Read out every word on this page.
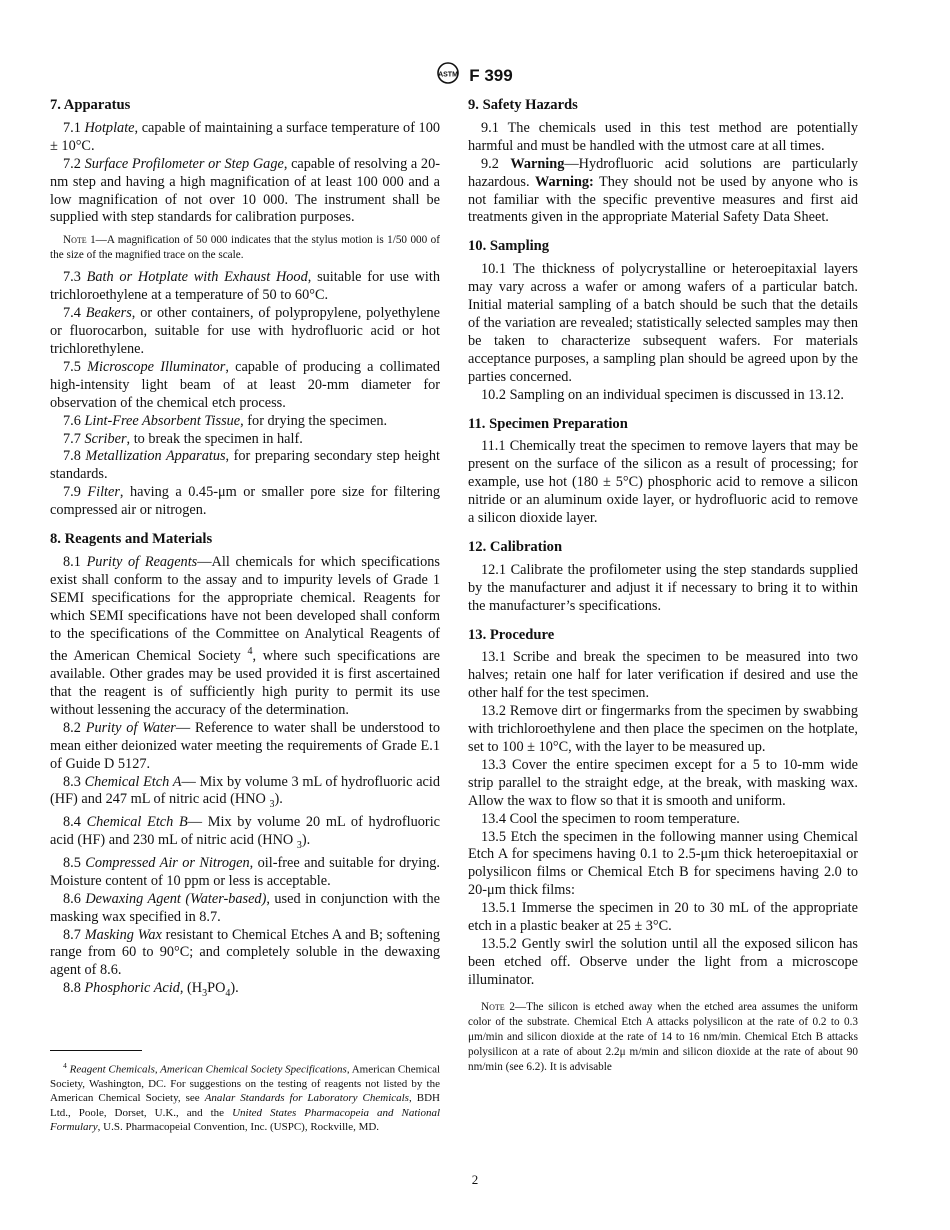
ASTM F 399
7. Apparatus

7.1 Hotplate, capable of maintaining a surface temperature of 100 ± 10°C.

7.2 Surface Profilometer or Step Gage, capable of resolving a 20-nm step and having a high magnification of at least 100 000 and a low magnification of not over 10 000. The instrument shall be supplied with step standards for calibration purposes.

Note 1—A magnification of 50 000 indicates that the stylus motion is 1/50 000 of the size of the magnified trace on the scale.

7.3 Bath or Hotplate with Exhaust Hood, suitable for use with trichloroethylene at a temperature of 50 to 60°C.

7.4 Beakers, or other containers, of polypropylene, polyethylene or fluorocarbon, suitable for use with hydrofluoric acid or hot trichlorethylene.

7.5 Microscope Illuminator, capable of producing a collimated high-intensity light beam of at least 20-mm diameter for observation of the chemical etch process.

7.6 Lint-Free Absorbent Tissue, for drying the specimen.

7.7 Scriber, to break the specimen in half.

7.8 Metallization Apparatus, for preparing secondary step height standards.

7.9 Filter, having a 0.45-μm or smaller pore size for filtering compressed air or nitrogen.

8. Reagents and Materials

8.1 Purity of Reagents—All chemicals for which specifications exist shall conform to the assay and to impurity levels of Grade 1 SEMI specifications for the appropriate chemical. Reagents for which SEMI specifications have not been developed shall conform to the specifications of the Committee on Analytical Reagents of the American Chemical Society $^4$, where such specifications are available. Other grades may be used provided it is first ascertained that the reagent is of sufficiently high purity to permit its use without lessening the accuracy of the determination.

8.2 Purity of Water— Reference to water shall be understood to mean either deionized water meeting the requirements of Grade E.1 of Guide D 5127.

8.3 Chemical Etch A— Mix by volume 3 mL of hydrofluoric acid (HF) and 247 mL of nitric acid (HNO $_3$).

8.4 Chemical Etch B— Mix by volume 20 mL of hydrofluoric acid (HF) and 230 mL of nitric acid (HNO $_3$).

8.5 Compressed Air or Nitrogen, oil-free and suitable for drying. Moisture content of 10 ppm or less is acceptable.

8.6 Dewaxing Agent (Water-based), used in conjunction with the masking wax specified in 8.7.

8.7 Masking Wax resistant to Chemical Etches A and B; softening range from 60 to 90°C; and completely soluble in the dewaxing agent of 8.6.

8.8 Phosphoric Acid, $(H_3PO_4)$.

$^4$ Reagent Chemicals, American Chemical Society Specifications, American Chemical Society, Washington, DC. For suggestions on the testing of reagents not listed by the American Chemical Society, see Analar Standards for Laboratory Chemicals, BDH Ltd., Poole, Dorset, U.K., and the United States Pharmacopeia and National Formulary, U.S. Pharmacopeial Convention, Inc. (USPC), Rockville, MD.

9. Safety Hazards

9.1 The chemicals used in this test method are potentially harmful and must be handled with the utmost care at all times.

9.2 Warning—Hydrofluoric acid solutions are particularly hazardous. Warning: They should not be used by anyone who is not familiar with the specific preventive measures and first aid treatments given in the appropriate Material Safety Data Sheet.

10. Sampling

10.1 The thickness of polycrystalline or heteroepitaxial layers may vary across a wafer or among wafers of a particular batch. Initial material sampling of a batch should be such that the details of the variation are revealed; statistically selected samples may then be taken to characterize subsequent wafers. For materials acceptance purposes, a sampling plan should be agreed upon by the parties concerned.

10.2 Sampling on an individual specimen is discussed in 13.12.

11. Specimen Preparation

11.1 Chemically treat the specimen to remove layers that may be present on the surface of the silicon as a result of processing; for example, use hot (180 ± 5°C) phosphoric acid to remove a silicon nitride or an aluminum oxide layer, or hydrofluoric acid to remove a silicon dioxide layer.

12. Calibration

12.1 Calibrate the profilometer using the step standards supplied by the manufacturer and adjust it if necessary to bring it to within the manufacturer’s specifications.

13. Procedure

13.1 Scribe and break the specimen to be measured into two halves; retain one half for later verification if desired and use the other half for the test specimen.

13.2 Remove dirt or fingermarks from the specimen by swabbing with trichloroethylene and then place the specimen on the hotplate, set to 100 ± 10°C, with the layer to be measured up.

13.3 Cover the entire specimen except for a 5 to 10-mm wide strip parallel to the straight edge, at the break, with masking wax. Allow the wax to flow so that it is smooth and uniform.

13.4 Cool the specimen to room temperature.

13.5 Etch the specimen in the following manner using Chemical Etch A for specimens having 0.1 to 2.5-μm thick heteroepitaxial or polysilicon films or Chemical Etch B for specimens having 2.0 to 20-μm thick films:

13.5.1 Immerse the specimen in 20 to 30 mL of the appropriate etch in a plastic beaker at 25 ± 3°C.

13.5.2 Gently swirl the solution until all the exposed silicon has been etched off. Observe under the light from a microscope illuminator.

Note 2—The silicon is etched away when the etched area assumes the uniform color of the substrate. Chemical Etch A attacks polysilicon at the rate of 0.2 to 0.3 μm/min and silicon dioxide at the rate of 14 to 16 nm/min. Chemical Etch B attacks polysilicon at a rate of about 2.2μ m/min and silicon dioxide at the rate of about 90 nm/min (see 6.2). It is advisable
2
